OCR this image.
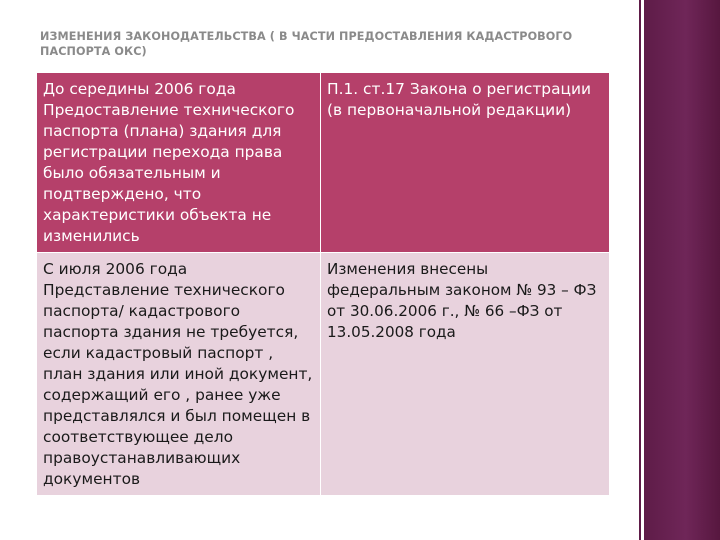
ИЗМЕНЕНИЯ ЗАКОНОДАТЕЛЬСТВА ( В ЧАСТИ ПРЕДОСТАВЛЕНИЯ КАДАСТРОВОГО ПАСПОРТА ОКС)
До середины 2006 года Предоставление технического паспорта (плана) здания для регистрации перехода права было обязательным и подтверждено, что характеристики объекта не изменились	П.1. ст.17 Закона о регистрации (в первоначальной редакции)
С июля 2006 года Представление технического паспорта/ кадастрового паспорта здания не требуется, если кадастровый паспорт , план здания или иной документ, содержащий его , ранее уже представлялся и был помещен в соответствующее дело правоустанавливающих документов	Изменения внесены федеральным законом № 93 – ФЗ от 30.06.2006 г., № 66 –ФЗ от 13.05.2008 года
